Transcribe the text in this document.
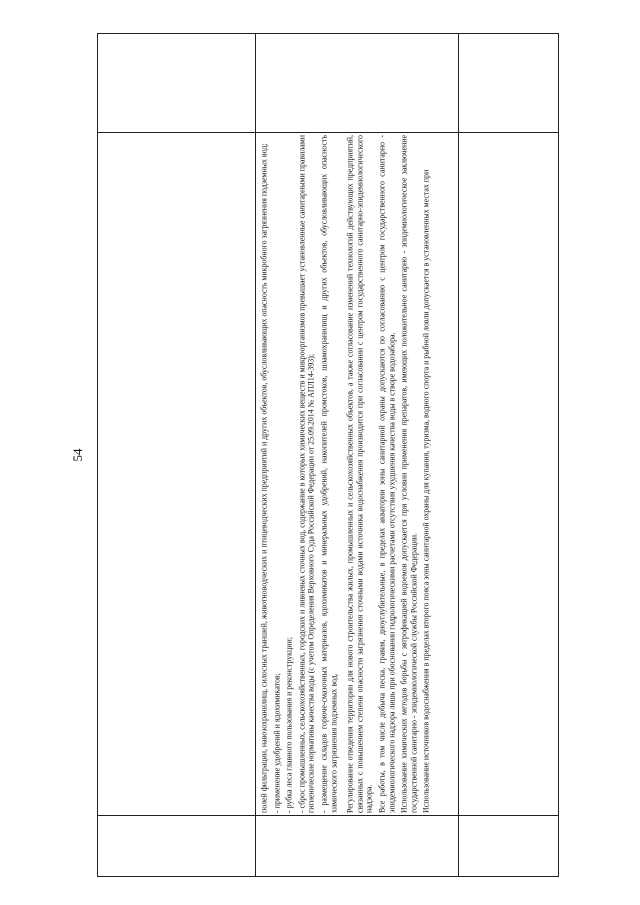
54	полей фильтрации, навозохранилищ, силосных траншей, животноводческих и птицеводческих предприятий и других объектов, обусловливающих опасность микробного загрязнения подземных вод; - применение удобрений и ядохимикатов; - рубка леса главного пользования и реконструкции; - сброс промышленных, сельскохозяйственных, городских и ливневых сточных вод, содержание в которых химических веществ и микроорганизмов превышает установленные санитарными правилами гигиенические нормативы качества воды (с учетом Определения Верховного Суда Российской Федерации от 25.09.2014 № АПЛ14-393); - размещение складов горюче-смазочных материалов, ядохимикатов и минеральных удобрений, накопителей промстоков, шламохранилищ и других объектов, обусловливающих опасность химического загрязнения подземных вод. Регулирование отведения территории для нового строительства жилых, промышленных и сельскохозяйственных объектов, а также согласование изменений технологий действующих предприятий, связанных с повышением степени опасности загрязнения сточными водами источника водоснабжения производится при согласовании с центром государственного санитарно-эпидемиологического надзора. Все работы, в том числе добыча песка, гравия, дноуглубительные, в пределах акватории зоны санитарной охраны допускаются по согласованию с центром государственного санитарно - эпидемиологического надзора лишь при обосновании гидрологическими расчетами отсутствия ухудшения качества воды в створе водозабора. Использование химических методов борьбы с эвтрофикацией водоемов допускается при условии применения препаратов, имеющих положительное санитарно - эпидемиологическое заключение государственной санитарно - эпидемиологической службы Российской Федерации. Использование источников водоснабжения в пределах второго пояса зоны санитарной охраны для купания, туризма, водного спорта и рыбной ловли допускается в установленных местах при
